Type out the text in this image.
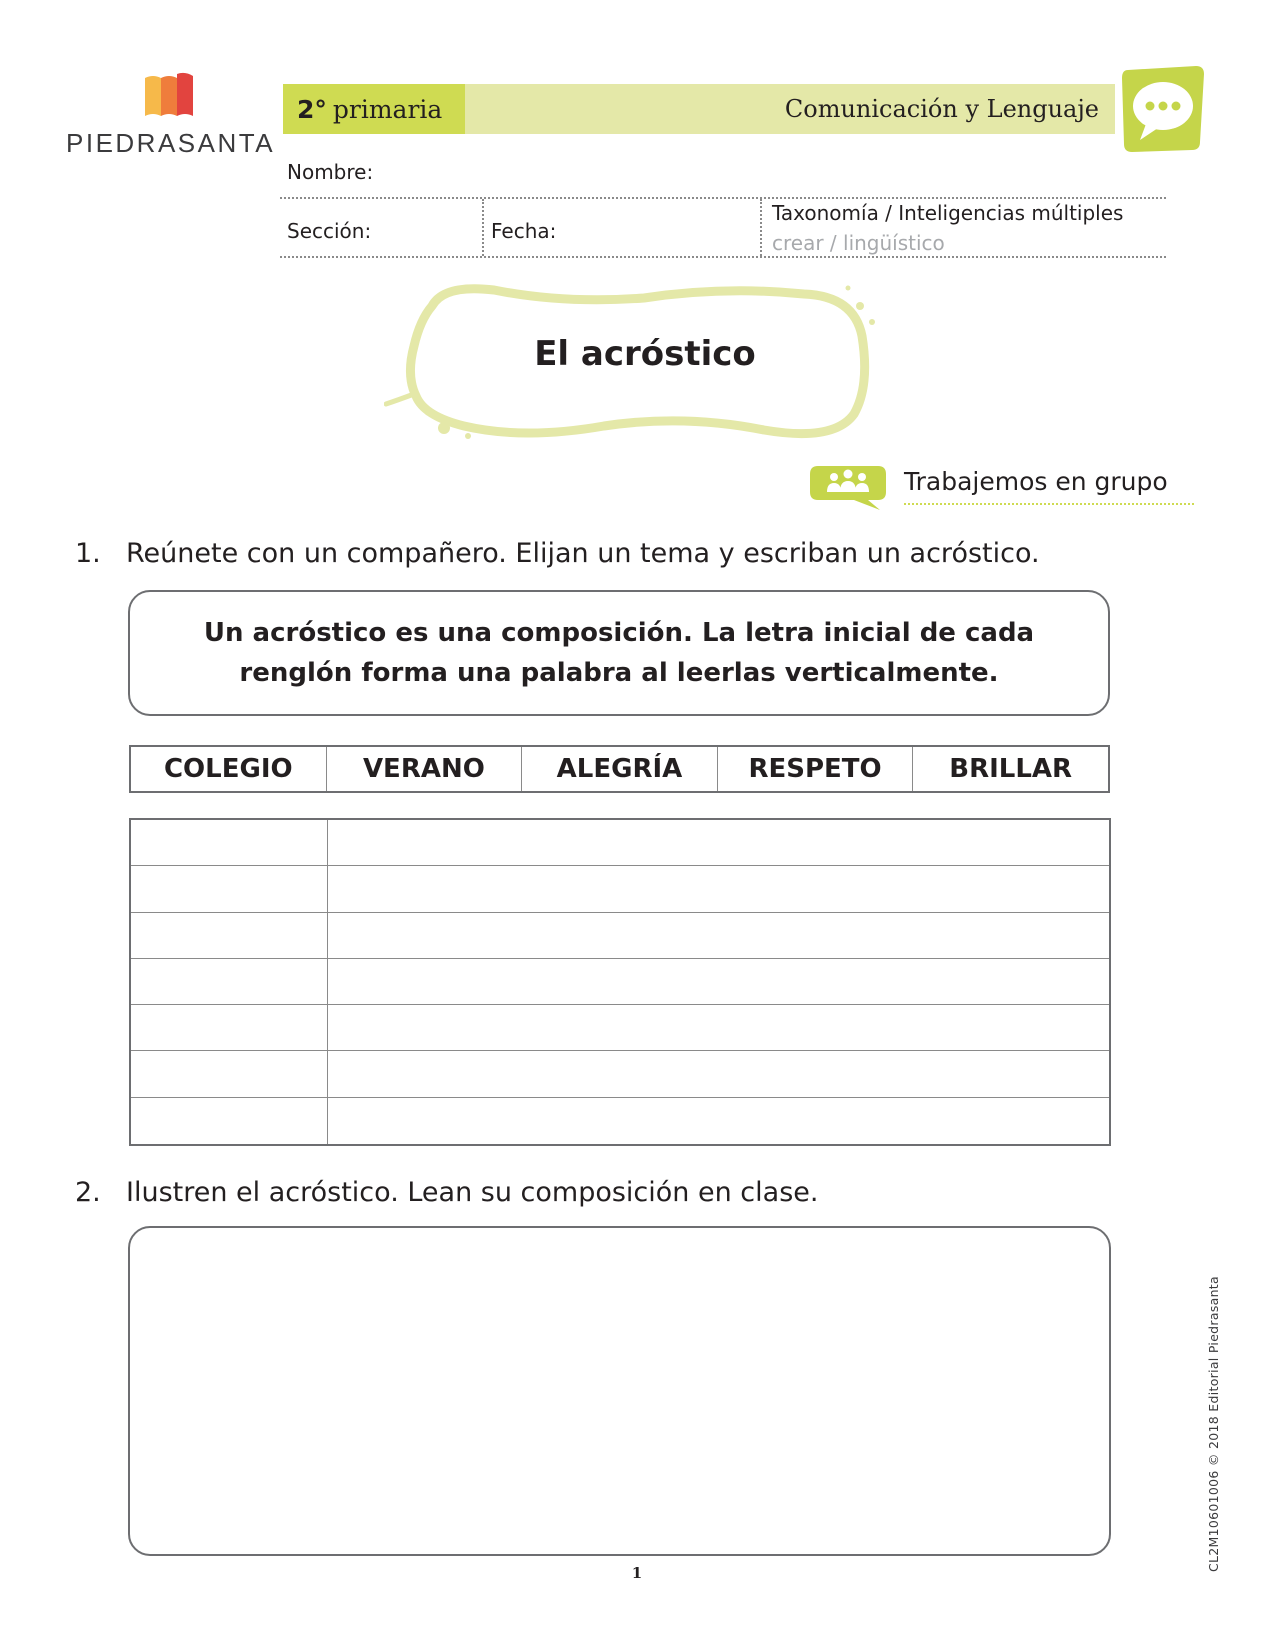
PIEDRASANTA
2° primaria	Comunicación y Lenguaje
Nombre:
Sección:	Fecha:
Taxonomía / Inteligencias múltiples
crear / lingüístico
El acróstico
Trabajemos en grupo
1. Reúnete con un compañero. Elijan un tema y escriban un acróstico.
Un acróstico es una composición. La letra inicial de cada
renglón forma una palabra al leerlas verticalmente.
COLEGIO	VERANO	ALEGRÍA	RESPETO	BRILLAR
2. Ilustren el acróstico. Lean su composición en clase.
1
CL2M10601006 © 2018 Editorial Piedrasanta
